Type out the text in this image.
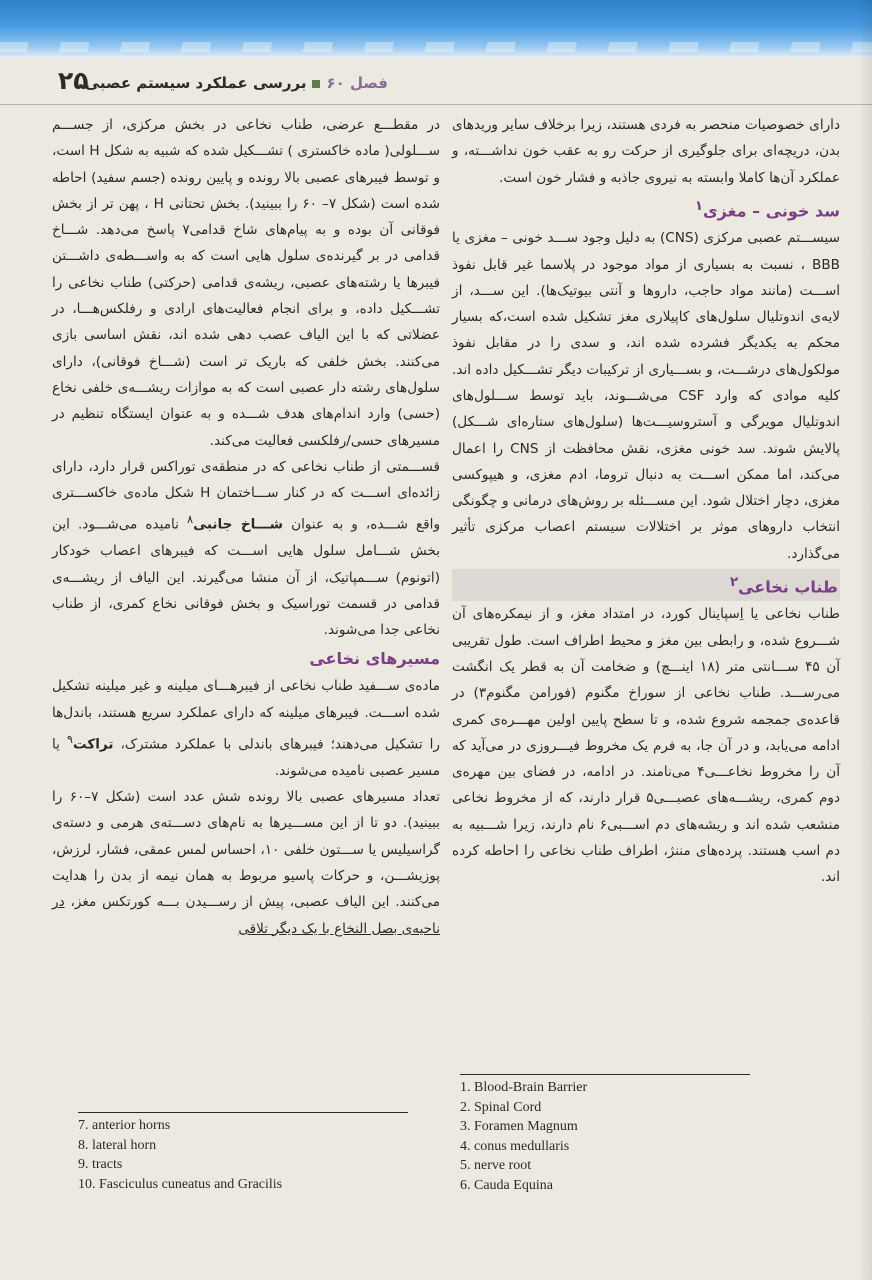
۲۵	فصل ۶۰بررسی عملکرد سیستم عصبی

دارای خصوصیات منحصر به فردی هستند، زیرا برخلاف سایر وریدهای بدن، دریچه‌ای برای جلوگیری از حرکت رو به عقب خون نداشـــته، و عملکرد آن‌ها کاملا وابسته به نیروی جاذبه و فشار خون است.

سد خونی – مغزی$^۱$

سیســـتم عصبی مرکزی (CNS) به دلیل وجود ســـد خونی – مغزی یا BBB ، نسبت به بسیاری از مواد موجود در پلاسما غیر قابل نفوذ اســـت (مانند مواد حاجب، داروها و آنتی بیوتیک‌ها). این ســـد، از لایه‌ی اندوتلیال سلول‌های کاپیلاری مغز تشکیل شده است،که بسیار محکم به یکدیگر فشرده شده اند، و سدی را در مقابل نفوذ مولکول‌های درشـــت، و بســـیاری از ترکیبات دیگر تشـــکیل داده اند. کلیه موادی که وارد CSF می‌شـــوند، باید توسط ســـلول‌های اندوتلیال مویرگی و آستروسیـــت‌ها (سلول‌های ستاره‌ای شـــکل) پالایش شوند. سد خونی مغزی، نقش محافظت از CNS را اعمال می‌کند، اما ممکن اســـت به دنبال تروما، ادم مغزی، و هیپوکسی مغزی، دچار اختلال شود. این مســـئله بر روش‌های درمانی و چگونگی انتخاب داروهای موثر بر اختلالات سیستم اعصاب مرکزی تأثیر می‌گذارد.

طناب نخاعی$^۲$

طناب نخاعی یا اِسپاینال کورد، در امتداد مغز، و از نیمکره‌های آن شـــروع شده، و رابطی بین مغز و محیط اطراف است. طول تقریبی آن ۴۵ ســـانتی متر (۱۸ اینـــچ) و ضخامت آن به قطر یک انگشت می‌رســـد. طناب نخاعی از سوراخ مگنوم (فورامن مگنوم۳) در قاعده‌ی جمجمه شروع شده، و تا سطح پایین اولین مهـــره‌ی کمری ادامه می‌یابد، و در آن جا، به فرم یک مخروط فیـــروزی در می‌آید که آن را مخروط نخاعـــی۴ می‌نامند. در ادامه، در فضای بین مهره‌ی دوم کمری، ریشـــه‌های عصبـــی۵ قرار دارند، که از مخروط نخاعی منشعب شده اند و ریشه‌های دم اســـبی۶ نام دارند، زیرا شـــبیه به دم اسب هستند. پرده‌های مننژ، اطراف طناب نخاعی را احاطه کرده اند.

در مقطـــع عرضی، طناب نخاعی در بخش مرکزی، از جســـم ســـلولی( ماده خاکستری ) تشـــکیل شده که شبیه به شکل H است، و توسط فیبرهای عصبی بالا رونده و پایین رونده (جسم سفید) احاطه شده است (شکل ۷– ۶۰ را ببینید). بخش تحتانی H ، پهن تر از بخش فوقانی آن بوده و به پیام‌های شاخ قدامی۷ پاسخ می‌دهد. شـــاخ قدامی در بر گیرنده‌ی سلول هایی است که به واســـطه‌ی داشـــتن فیبرها یا رشته‌های عصبی، ریشه‌ی قدامی (حرکتی) طناب نخاعی را تشـــکیل داده، و برای انجام فعالیت‌های ارادی و رفلکس‌هـــا، در عضلاتی که با این الیاف عصب دهی شده اند، نقش اساسی بازی می‌کنند. بخش خلفی که باریک تر است (شـــاخ فوقانی)، دارای سلول‌های رشته دار عصبی است که به موازات ریشـــه‌ی خلفی نخاع (حسی) وارد اندام‌های هدف شـــده و به عنوان ایستگاه تنظیم در مسیرهای حسی/رفلکسی فعالیت می‌کند.

قســـمتی از طناب نخاعی که در منطقه‌ی توراکس قرار دارد، دارای زائده‌ای اســـت که در کنار ســـاختمان H شکل ماده‌ی خاکســـتری واقع شـــده، و به عنوان شـــاخ جانبی$^۸$ نامیده می‌شـــود. این بخش شـــامل سلول هایی اســـت که فیبرهای اعصاب خودکار (اتونوم) ســـمپاتیک، از آن منشا می‌گیرند. این الیاف از ریشـــه‌ی قدامی در قسمت توراسیک و بخش فوقانی نخاع کمری، از طناب نخاعی جدا می‌شوند.

مسیرهای نخاعی

ماده‌ی ســـفید طناب نخاعی از فیبرهـــای میلینه و غیر میلینه تشکیل شده اســـت. فیبرهای میلینه که دارای عملکرد سریع هستند، باندل‌ها را تشکیل می‌دهند؛ فیبرهای باندلی با عملکرد مشترک، تراکت$^۹$ یا مسیر عصبی نامیده می‌شوند.

تعداد مسیرهای عصبی بالا رونده شش عدد است (شکل ۷–۶۰ را ببینید). دو تا از این مســـیرها به نام‌های دســـته‌ی هرمی و دسته‌ی گراسیلیس یا ســـتون خلفی ۱۰، احساس لمس عمقی، فشار، لرزش، پوزیشـــن، و حرکات پاسیو مربوط به همان نیمه از بدن را هدایت می‌کنند. این الیاف عصبی، پیش از رســـیدن بـــه کورتکس مغز، در ناحیه‌ی بصل النخاع با یک دیگر تلاقی

1. Blood-Brain Barrier
2. Spinal Cord
3. Foramen Magnum
4. conus medullaris
5. nerve root
6. Cauda Equina
7. anterior horns
8. lateral horn
9. tracts
10. Fasciculus cuneatus and Gracilis
